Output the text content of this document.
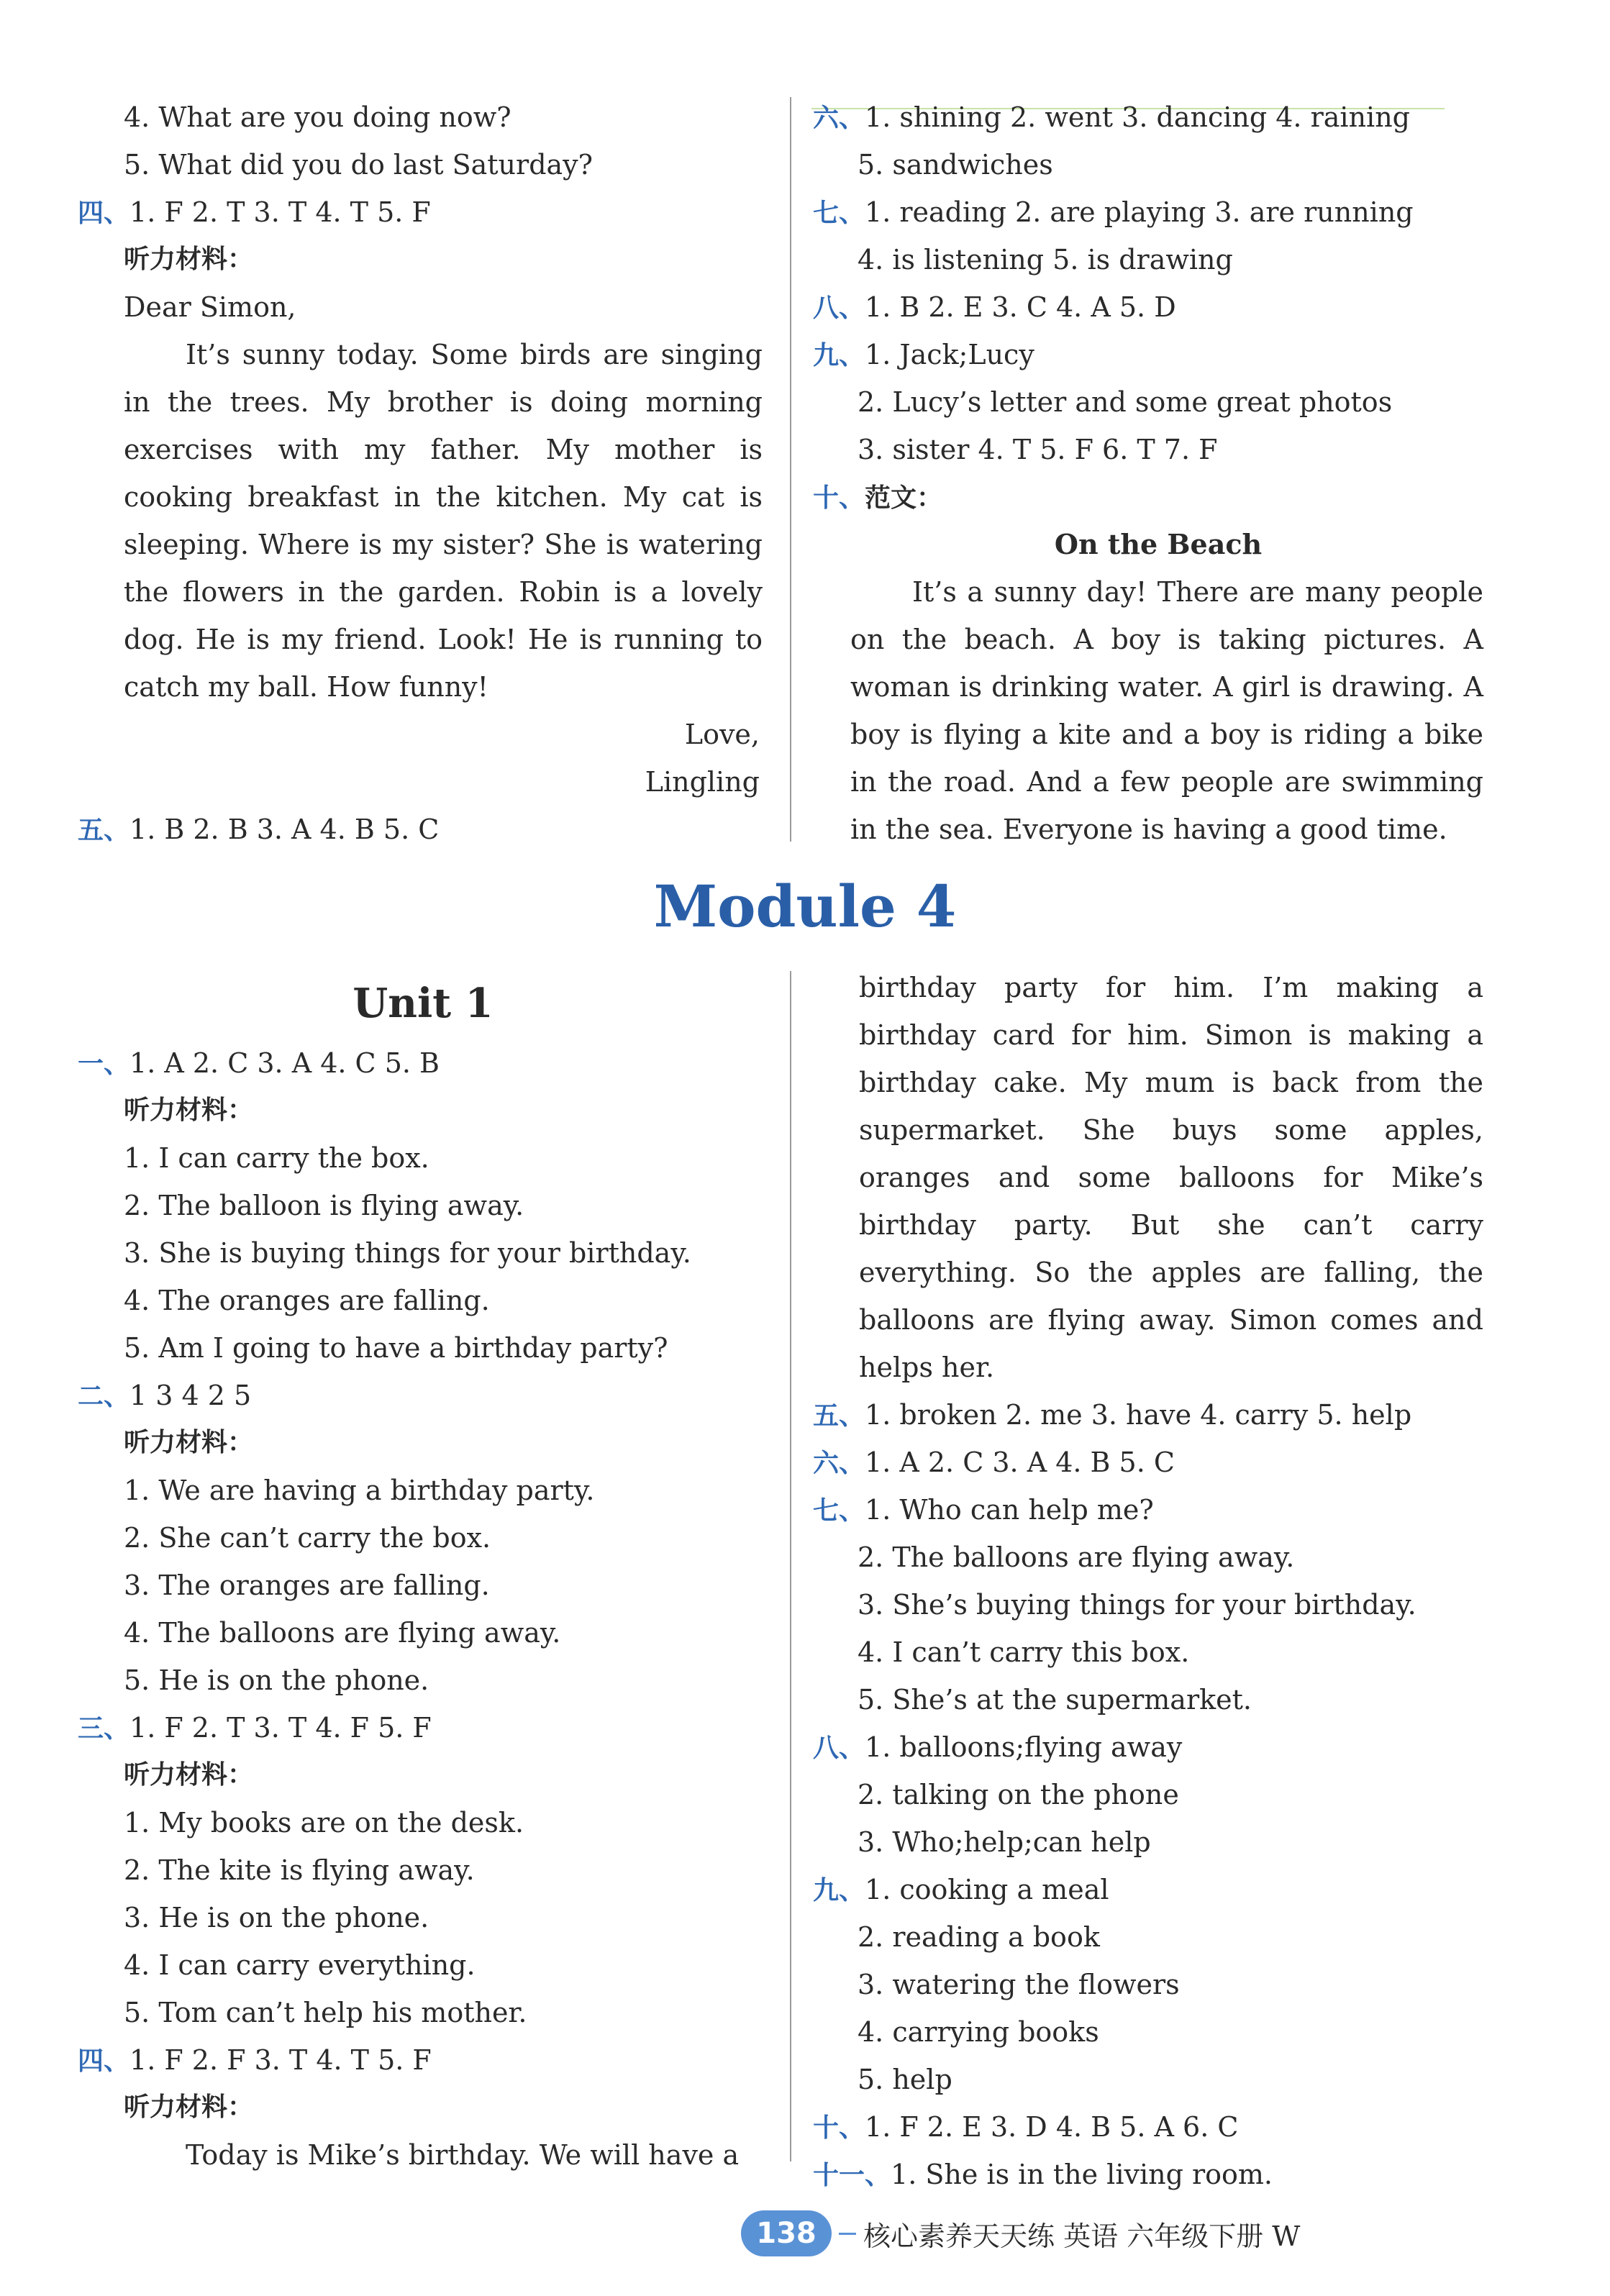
4. What are you doing now?
5. What did you do last Saturday?
四、1. F 2. T 3. T 4. T 5. F
听力材料：
Dear Simon,

It’s sunny today. Some birds are singing in the trees. My brother is doing morning exercises with my father. My mother is cooking breakfast in the kitchen. My cat is sleeping. Where is my sister? She is watering the flowers in the garden. Robin is a lovely dog. He is my friend. Look! He is running to catch my ball. How funny!

Love,
Lingling
五、1. B 2. B 3. A 4. B 5. C
六、1. shining 2. went 3. dancing 4. raining
5. sandwiches
七、1. reading 2. are playing 3. are running
4. is listening 5. is drawing
八、1. B 2. E 3. C 4. A 5. D
九、1. Jack;Lucy
2. Lucy’s letter and some great photos
3. sister 4. T 5. F 6. T 7. F
十、范文：
On the Beach

It’s a sunny day! There are many people on the beach. A boy is taking pictures. A woman is drinking water. A girl is drawing. A boy is flying a kite and a boy is riding a bike in the road. And a few people are swimming in the sea. Everyone is having a good time.

Module 4
Unit 1
一、1. A 2. C 3. A 4. C 5. B
听力材料：
1. I can carry the box.
2. The balloon is flying away.
3. She is buying things for your birthday.
4. The oranges are falling.
5. Am I going to have a birthday party?
二、1 3 4 2 5
听力材料：
1. We are having a birthday party.
2. She can’t carry the box.
3. The oranges are falling.
4. The balloons are flying away.
5. He is on the phone.
三、1. F 2. T 3. T 4. F 5. F
听力材料：
1. My books are on the desk.
2. The kite is flying away.
3. He is on the phone.
4. I can carry everything.
5. Tom can’t help his mother.
四、1. F 2. F 3. T 4. T 5. F
听力材料：
Today is Mike’s birthday. We will have a

birthday party for him. I’m making a birthday card for him. Simon is making a birthday cake. My mum is back from the supermarket. She buys some apples, oranges and some balloons for Mike’s birthday party. But she can’t carry everything. So the apples are falling, the balloons are flying away. Simon comes and helps her.

五、1. broken 2. me 3. have 4. carry 5. help
六、1. A 2. C 3. A 4. B 5. C
七、1. Who can help me?
2. The balloons are flying away.
3. She’s buying things for your birthday.
4. I can’t carry this box.
5. She’s at the supermarket.
八、1. balloons;flying away
2. talking on the phone
3. Who;help;can help
九、1. cooking a meal
2. reading a book
3. watering the flowers
4. carrying books
5. help
十、1. F 2. E 3. D 4. B 5. A 6. C
十一、1. She is in the living room.
138	核心素养天天练 英语 六年级下册 W
